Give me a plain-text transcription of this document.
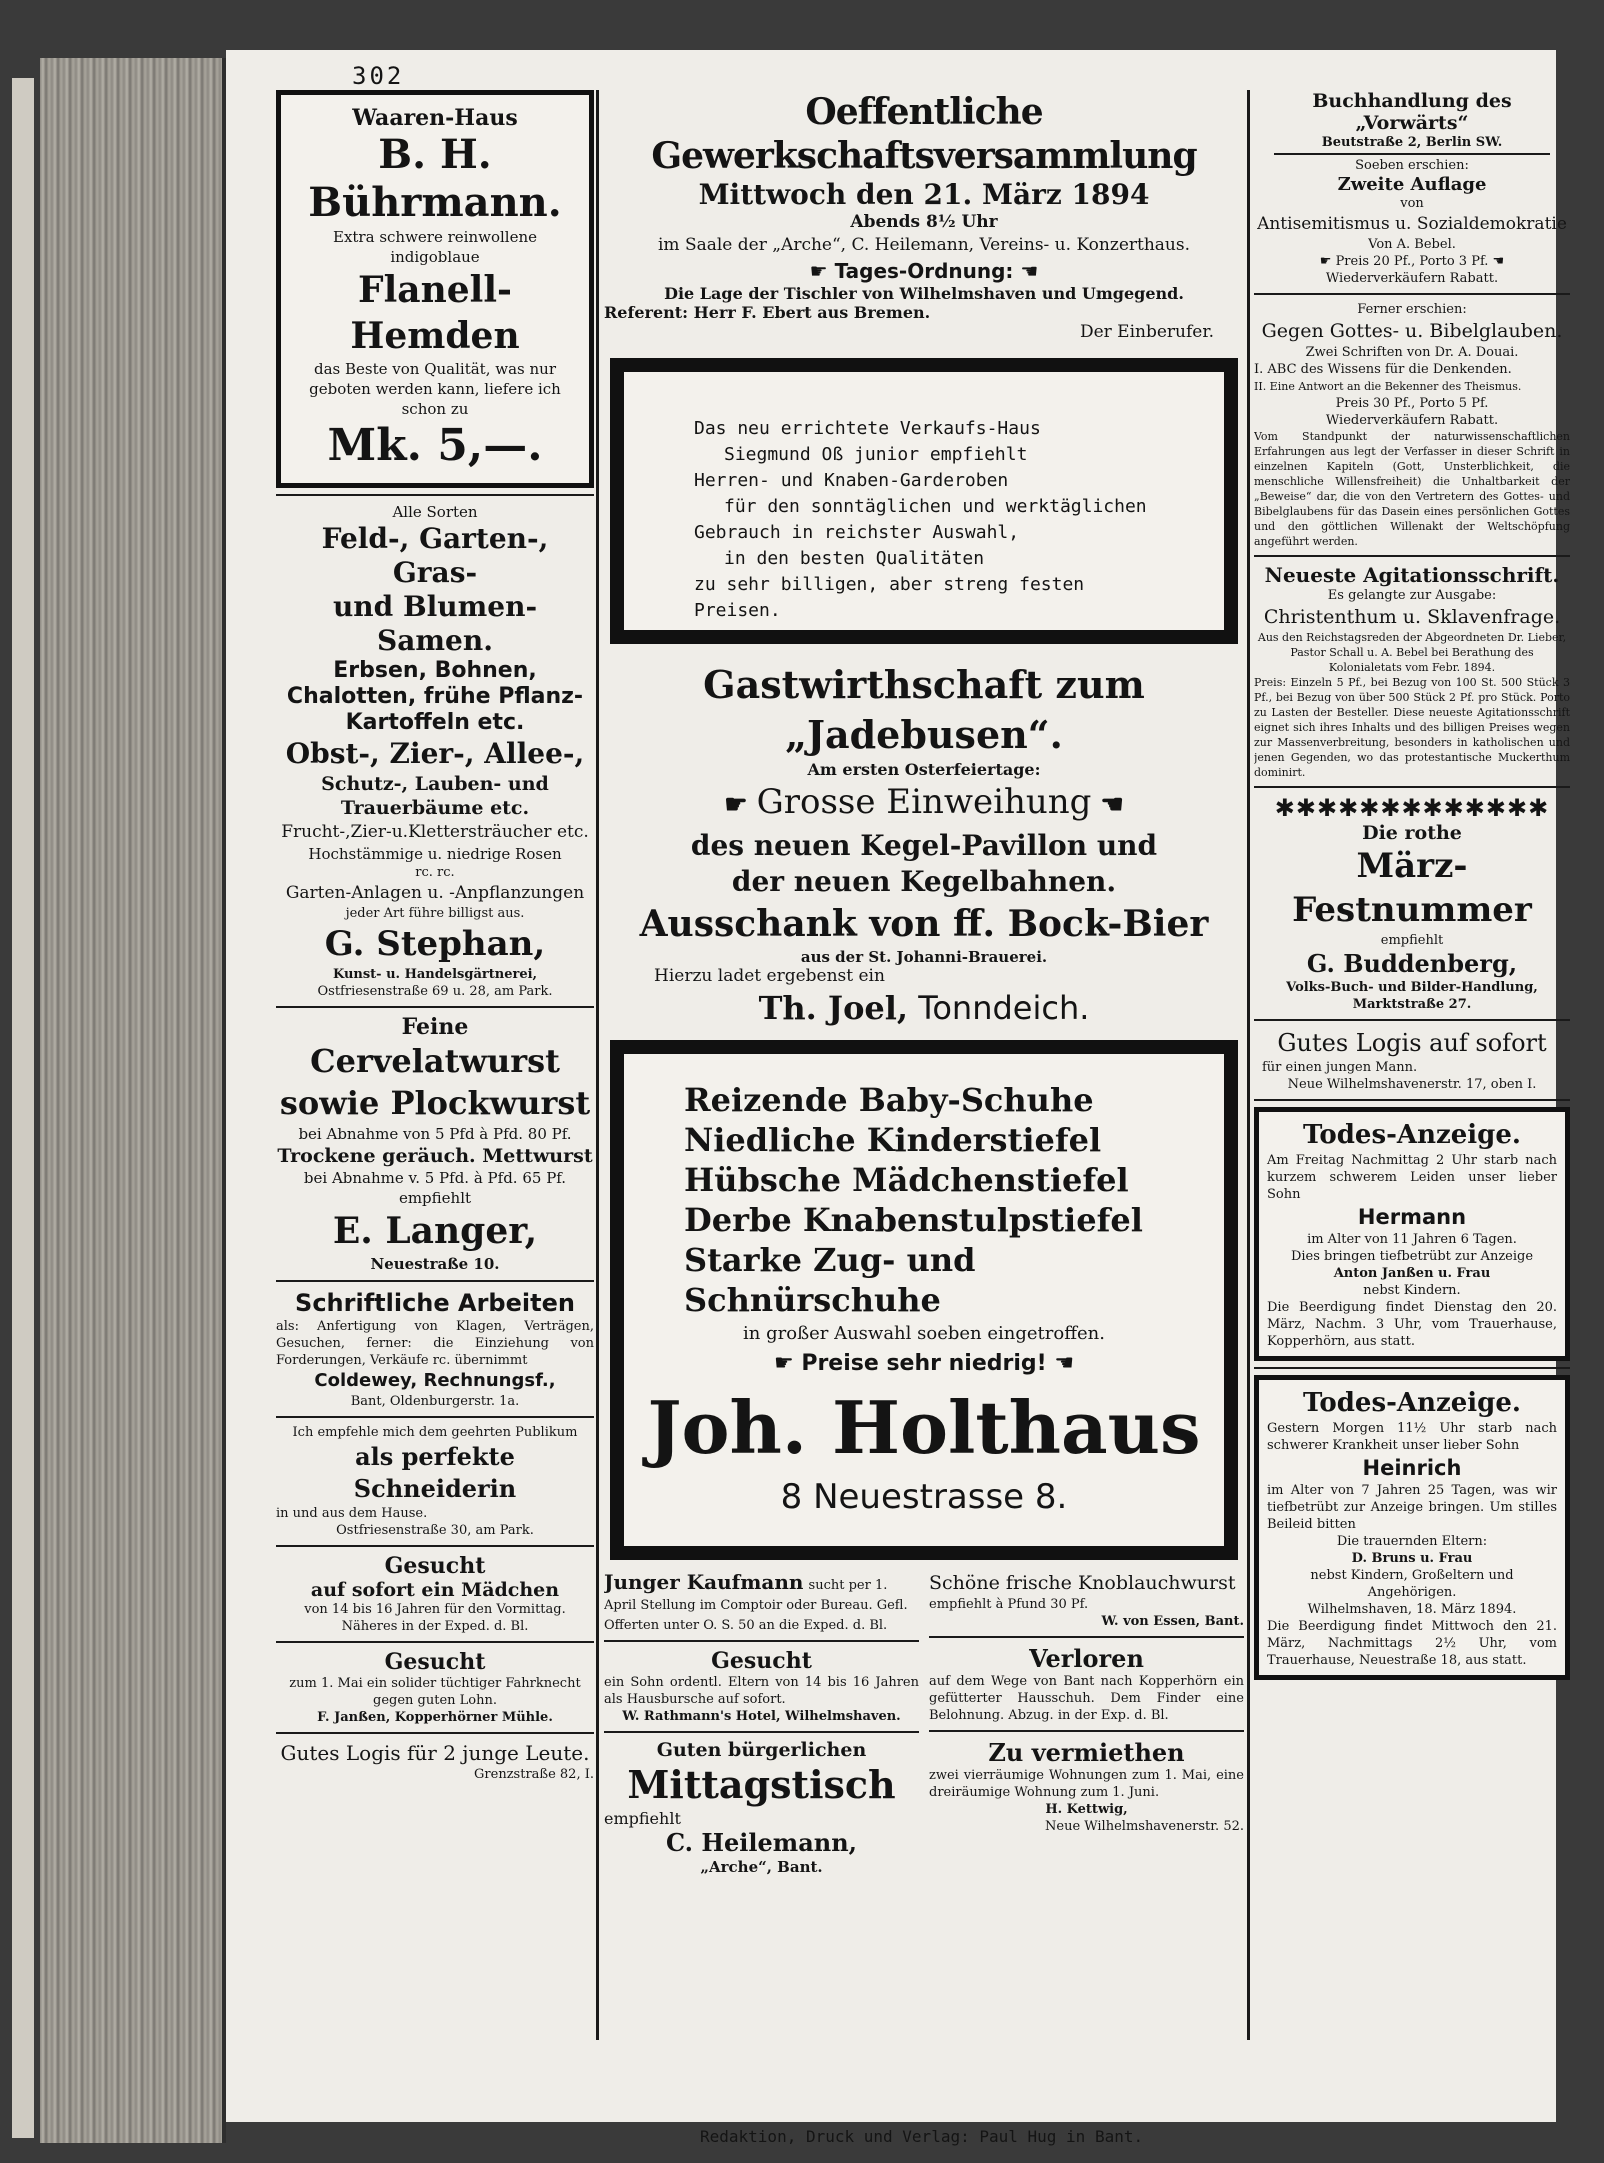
302
Waaren-Haus
B. H. Bührmann.
Extra schwere reinwollene
indigoblaue
Flanell-Hemden
das Beste von Qualität, was nur geboten werden kann, liefere ich schon zu
Mk. 5,—.
Alle Sorten
Feld-, Garten-, Gras-
und Blumen-Samen.
Erbsen, Bohnen,
Chalotten, frühe Pflanz-
Kartoffeln etc.
Obst-, Zier-, Allee-,
Schutz-, Lauben- und
Trauerbäume etc.
Frucht-,Zier-u.Klettersträucher etc.
Hochstämmige u. niedrige Rosen
rc. rc.
Garten-Anlagen u. -Anpflanzungen
jeder Art führe billigst aus.
G. Stephan,
Kunst- u. Handelsgärtnerei,
Ostfriesenstraße 69 u. 28, am Park.
Feine
Cervelatwurst
sowie Plockwurst
bei Abnahme von 5 Pfd à Pfd. 80 Pf.
Trockene geräuch. Mettwurst
bei Abnahme v. 5 Pfd. à Pfd. 65 Pf.
empfiehlt
E. Langer,
Neuestraße 10.
Schriftliche Arbeiten
als: Anfertigung von Klagen, Verträgen, Gesuchen, ferner: die Einziehung von Forderungen, Verkäufe rc. übernimmt
Coldewey, Rechnungsf.,
Bant, Oldenburgerstr. 1a.
Ich empfehle mich dem geehrten Publikum
als perfekte Schneiderin
in und aus dem Hause.
Ostfriesenstraße 30, am Park.
Gesucht
auf sofort ein Mädchen
von 14 bis 16 Jahren für den Vormittag.
Näheres in der Exped. d. Bl.
Gesucht
zum 1. Mai ein solider tüchtiger Fahrknecht gegen guten Lohn.
F. Janßen, Kopperhörner Mühle.
Gutes Logis für 2 junge Leute.
Grenzstraße 82, I.
Oeffentliche Gewerkschaftsversammlung
Mittwoch den 21. März 1894
Abends 8½ Uhr
im Saale der „Arche“, C. Heilemann, Vereins- u. Konzerthaus.
☛ Tages-Ordnung: ☚
Die Lage der Tischler von Wilhelmshaven und Umgegend.
Referent: Herr F. Ebert aus Bremen.
Der Einberufer.
Das neu errichtete Verkaufs-Haus
Siegmund Oß junior empfiehlt
Herren- und Knaben-Garderoben
für den sonntäglichen und werktäglichen
Gebrauch in reichster Auswahl,
in den besten Qualitäten
zu sehr billigen, aber streng festen Preisen.
Gastwirthschaft zum „Jadebusen“.
Am ersten Osterfeiertage:
☛ Grosse Einweihung ☚
des neuen Kegel-Pavillon und
der neuen Kegelbahnen.
Ausschank von ff. Bock-Bier
aus der St. Johanni-Brauerei.
Hierzu ladet ergebenst ein
Th. Joel, Tonndeich.
Reizende Baby-Schuhe
Niedliche Kinderstiefel
Hübsche Mädchenstiefel
Derbe Knabenstulpstiefel
Starke Zug- und Schnürschuhe
in großer Auswahl soeben eingetroffen.
☛ Preise sehr niedrig! ☚
Joh. Holthaus
8 Neuestrasse 8.
Junger Kaufmann sucht per 1. April Stellung im Comptoir oder Bureau. Gefl. Offerten unter O. S. 50 an die Exped. d. Bl.
Gesucht
ein Sohn ordentl. Eltern von 14 bis 16 Jahren als Hausbursche auf sofort.
W. Rathmann's Hotel, Wilhelmshaven.
Guten bürgerlichen
Mittagstisch
empfiehlt
C. Heilemann,
„Arche“, Bant.
Schöne frische Knoblauchwurst
empfiehlt à Pfund 30 Pf.
W. von Essen, Bant.
Verloren
auf dem Wege von Bant nach Kopperhörn ein gefütterter Hausschuh. Dem Finder eine Belohnung. Abzug. in der Exp. d. Bl.
Zu vermiethen
zwei vierräumige Wohnungen zum 1. Mai, eine dreiräumige Wohnung zum 1. Juni.
H. Kettwig,
Neue Wilhelmshavenerstr. 52.
Buchhandlung des „Vorwärts“
Beutstraße 2, Berlin SW.
Soeben erschien:
Zweite Auflage
von
Antisemitismus u. Sozialdemokratie
Von A. Bebel.
☛ Preis 20 Pf., Porto 3 Pf. ☚
Wiederverkäufern Rabatt.
Ferner erschien:
Gegen Gottes- u. Bibelglauben.
Zwei Schriften von Dr. A. Douai.
I. ABC des Wissens für die Denkenden.
II. Eine Antwort an die Bekenner des Theismus.
Preis 30 Pf., Porto 5 Pf.
Wiederverkäufern Rabatt.
Vom Standpunkt der naturwissenschaftlichen Erfahrungen aus legt der Verfasser in dieser Schrift in einzelnen Kapiteln (Gott, Unsterblichkeit, die menschliche Willensfreiheit) die Unhaltbarkeit der „Beweise“ dar, die von den Vertretern des Gottes- und Bibelglaubens für das Dasein eines persönlichen Gottes und den göttlichen Willenakt der Weltschöpfung angeführt werden.
Neueste Agitationsschrift.
Es gelangte zur Ausgabe:
Christenthum u. Sklavenfrage.
Aus den Reichstagsreden der Abgeordneten Dr. Lieber, Pastor Schall u. A. Bebel bei Berathung des Kolonialetats vom Febr. 1894.
Preis: Einzeln 5 Pf., bei Bezug von 100 St. 500 Stück 3 Pf., bei Bezug von über 500 Stück 2 Pf. pro Stück. Porto zu Lasten der Besteller. Diese neueste Agitationsschrift eignet sich ihres Inhalts und des billigen Preises wegen zur Massenverbreitung, besonders in katholischen und jenen Gegenden, wo das protestantische Muckerthum dominirt.
✱✱✱✱✱✱✱✱✱✱✱✱✱
Die rothe
März-Festnummer
empfiehlt
G. Buddenberg,
Volks-Buch- und Bilder-Handlung,
Marktstraße 27.
Gutes Logis auf sofort
für einen jungen Mann.
Neue Wilhelmshavenerstr. 17, oben I.
Todes-Anzeige.
Am Freitag Nachmittag 2 Uhr starb nach kurzem schwerem Leiden unser lieber Sohn
Hermann
im Alter von 11 Jahren 6 Tagen.
Dies bringen tiefbetrübt zur Anzeige
Anton Janßen u. Frau
nebst Kindern.
Die Beerdigung findet Dienstag den 20. März, Nachm. 3 Uhr, vom Trauerhause, Kopperhörn, aus statt.
Todes-Anzeige.
Gestern Morgen 11½ Uhr starb nach schwerer Krankheit unser lieber Sohn
Heinrich
im Alter von 7 Jahren 25 Tagen, was wir tiefbetrübt zur Anzeige bringen. Um stilles Beileid bitten
Die trauernden Eltern:
D. Bruns u. Frau
nebst Kindern, Großeltern und Angehörigen.
Wilhelmshaven, 18. März 1894.
Die Beerdigung findet Mittwoch den 21. März, Nachmittags 2½ Uhr, vom Trauerhause, Neuestraße 18, aus statt.
Redaktion, Druck und Verlag: Paul Hug in Bant.
